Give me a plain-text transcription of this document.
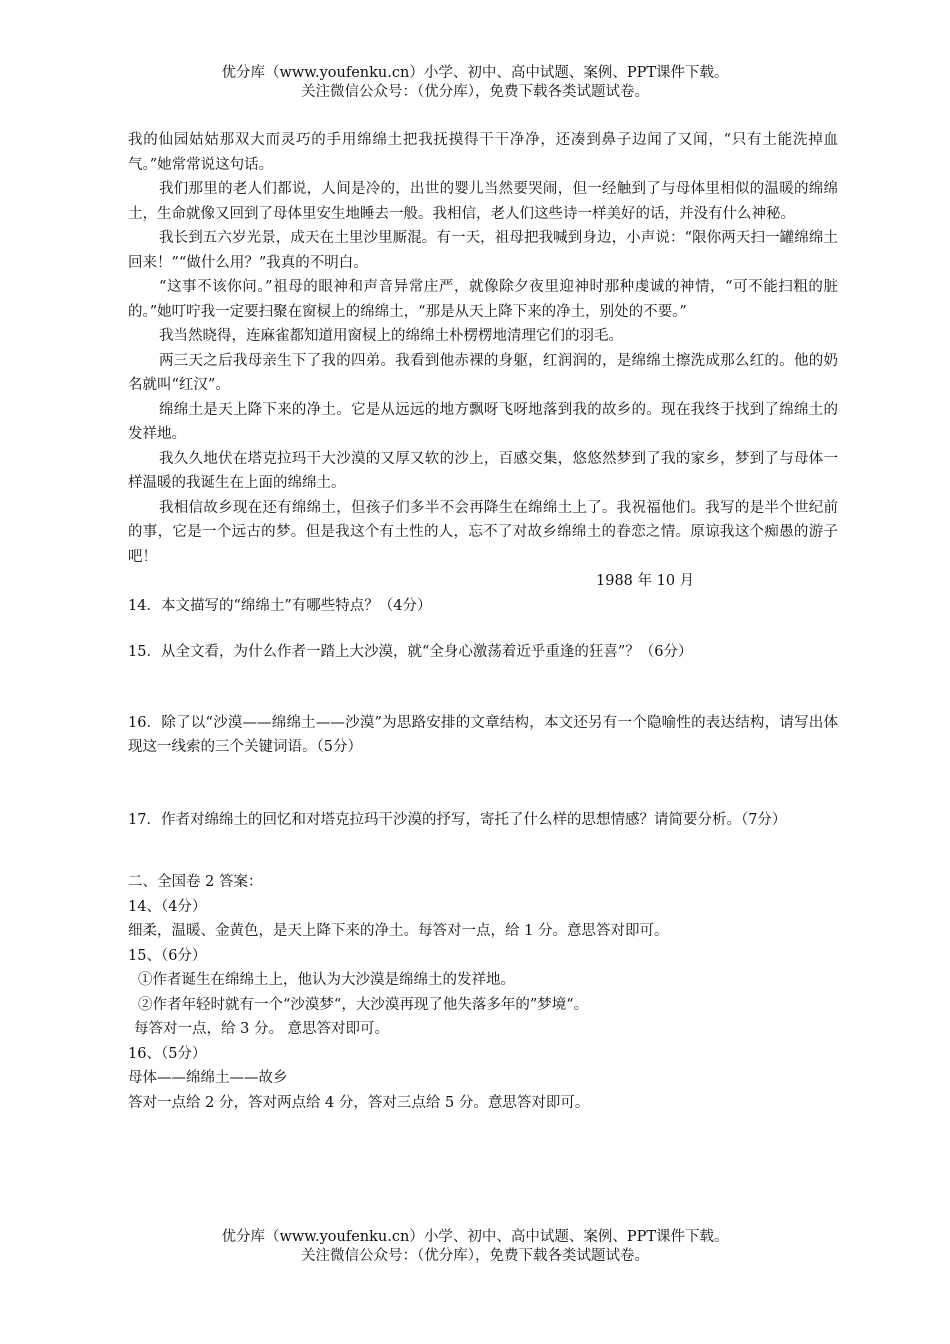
优分库（www.youfenku.cn）小学、初中、高中试题、案例、PPT课件下载。
关注微信公众号：（优分库），免费下载各类试题试卷。

我的仙园姑姑那双大而灵巧的手用绵绵土把我抚摸得干干净净，还凑到鼻子边闻了又闻，“只有土能洗掉血气。”她常常说这句话。

我们那里的老人们都说，人间是冷的，出世的婴儿当然要哭闹，但一经触到了与母体里相似的温暖的绵绵土，生命就像又回到了母体里安生地睡去一般。我相信，老人们这些诗一样美好的话，并没有什么神秘。

我长到五六岁光景，成天在土里沙里厮混。有一天，祖母把我喊到身边，小声说：“限你两天扫一罐绵绵土回来！”“做什么用？”我真的不明白。

“这事不该你问。”祖母的眼神和声音异常庄严，就像除夕夜里迎神时那种虔诚的神情，“可不能扫粗的脏的。”她叮咛我一定要扫聚在窗棂上的绵绵土，“那是从天上降下来的净土，别处的不要。”

我当然晓得，连麻雀都知道用窗棂上的绵绵土朴楞楞地清理它们的羽毛。

两三天之后我母亲生下了我的四弟。我看到他赤裸的身躯，红润润的，是绵绵土擦洗成那么红的。他的奶名就叫“红汉”。

绵绵土是天上降下来的净土。它是从远远的地方飘呀飞呀地落到我的故乡的。现在我终于找到了绵绵土的发祥地。

我久久地伏在塔克拉玛干大沙漠的又厚又软的沙上，百感交集，悠悠然梦到了我的家乡，梦到了与母体一样温暖的我诞生在上面的绵绵土。

我相信故乡现在还有绵绵土，但孩子们多半不会再降生在绵绵土上了。我祝福他们。我写的是半个世纪前的事，它是一个远古的梦。但是我这个有土性的人，忘不了对故乡绵绵土的眷恋之情。原谅我这个痴愚的游子吧！

1988 年 10 月

14．本文描写的“绵绵土”有哪些特点？（4分）

15．从全文看，为什么作者一踏上大沙漠，就“全身心激荡着近乎重逢的狂喜”？（6分）

16．除了以“沙漠——绵绵土——沙漠”为思路安排的文章结构，本文还另有一个隐喻性的表达结构，请写出体现这一线索的三个关键词语。（5分）

17．作者对绵绵土的回忆和对塔克拉玛干沙漠的抒写，寄托了什么样的思想情感？请简要分析。（7分）

二、全国卷 2 答案：

14、（4分）

细柔，温暖、金黄色，是天上降下来的净土。每答对一点，给 1 分。意思答对即可。

15、（6分）

①作者诞生在绵绵土上，他认为大沙漠是绵绵土的发祥地。

②作者年轻时就有一个“沙漠梦“，大沙漠再现了他失落多年的”梦境“。

每答对一点，给 3 分。 意思答对即可。

16、（5分）

母体——绵绵土——故乡

答对一点给 2 分，答对两点给 4 分，答对三点给 5 分。意思答对即可。

优分库（www.youfenku.cn）小学、初中、高中试题、案例、PPT课件下载。
关注微信公众号：（优分库），免费下载各类试题试卷。
